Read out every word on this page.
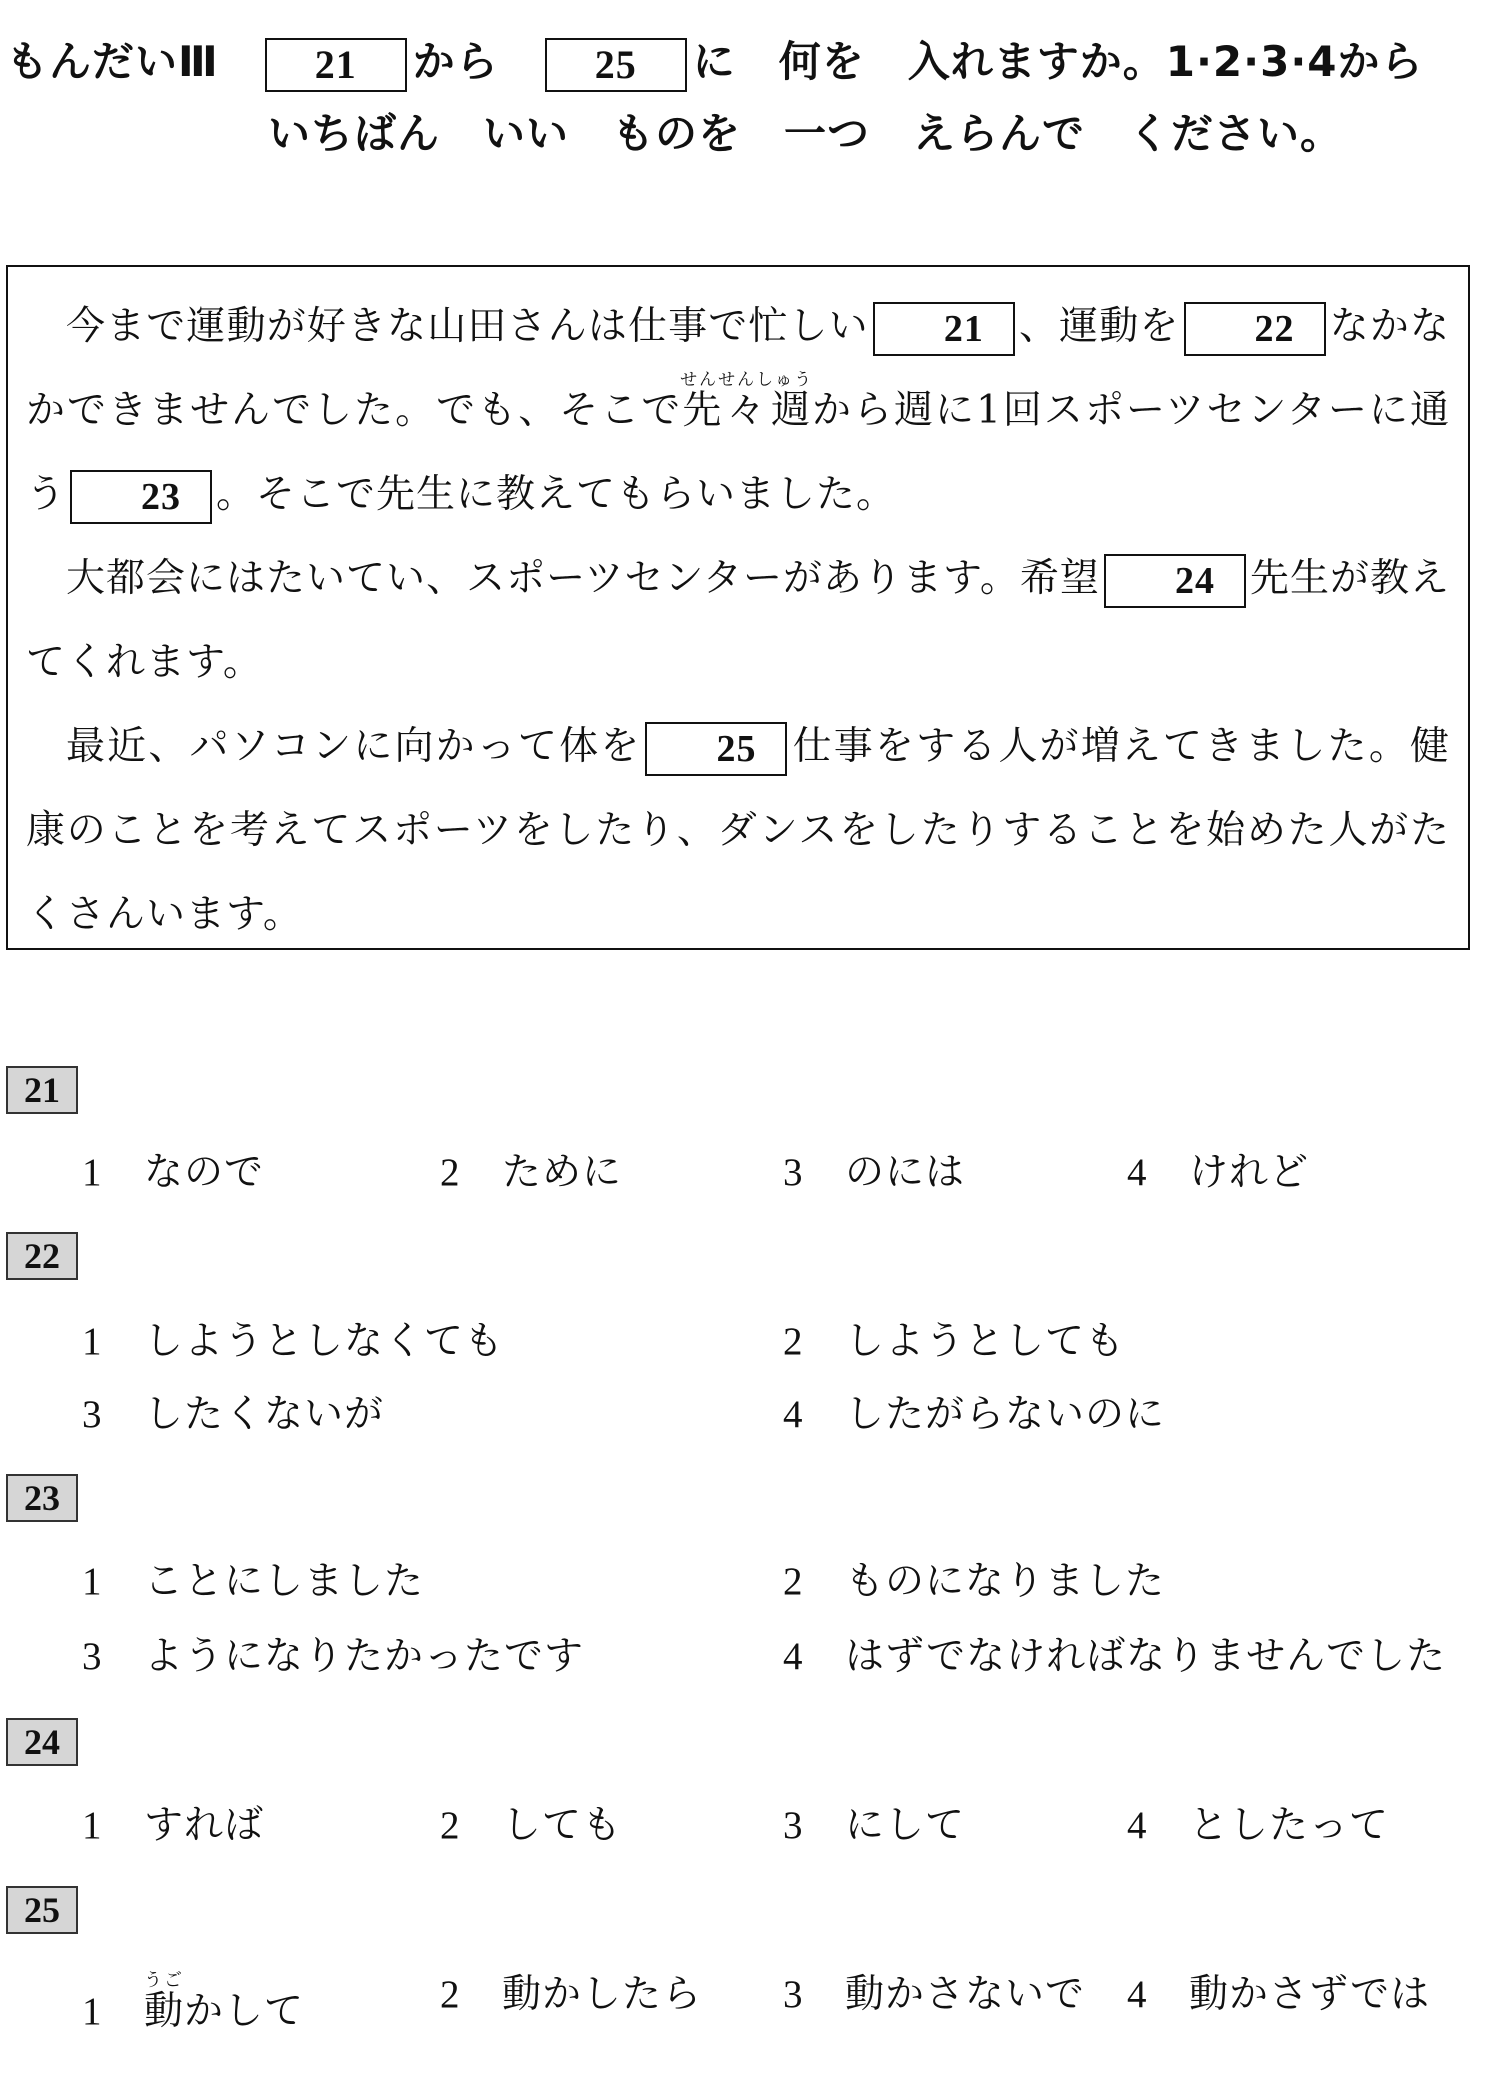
もんだいⅢ 21 から 25 に　何を　入れますか。1·2·3·4から
いちばん　いい　ものを　一つ　えらんで　ください。

今まで運動が好きな山田さんは仕事で忙しい 21 、運動を 22 なかなかできませんでした。でも、そこで先々週せんせんしゅうから週に1回スポーツセンターに通う 23 。そこで先生に教えてもらいました。

大都会にはたいてい、スポーツセンターがあります。希望 24 先生が教えてくれます。

最近、パソコンに向かって体を 25 仕事をする人が増えてきました。健康のことを考えてスポーツをしたり、ダンスをしたりすることを始めた人がたくさんいます。

21
1 なので	2 ために	3 のには	4 けれど
22
1 しようとしなくても	2 しようとしても
3 したくないが	4 したがらないのに
23
1 ことにしました	2 ものになりました
3 ようになりたかったです	4 はずでなければなりませんでした
24
1 すれば	2 しても	3 にして	4 としたって
25
1 動うごかして	2 動かしたら 3 動かさないで 4 動かさずでは
